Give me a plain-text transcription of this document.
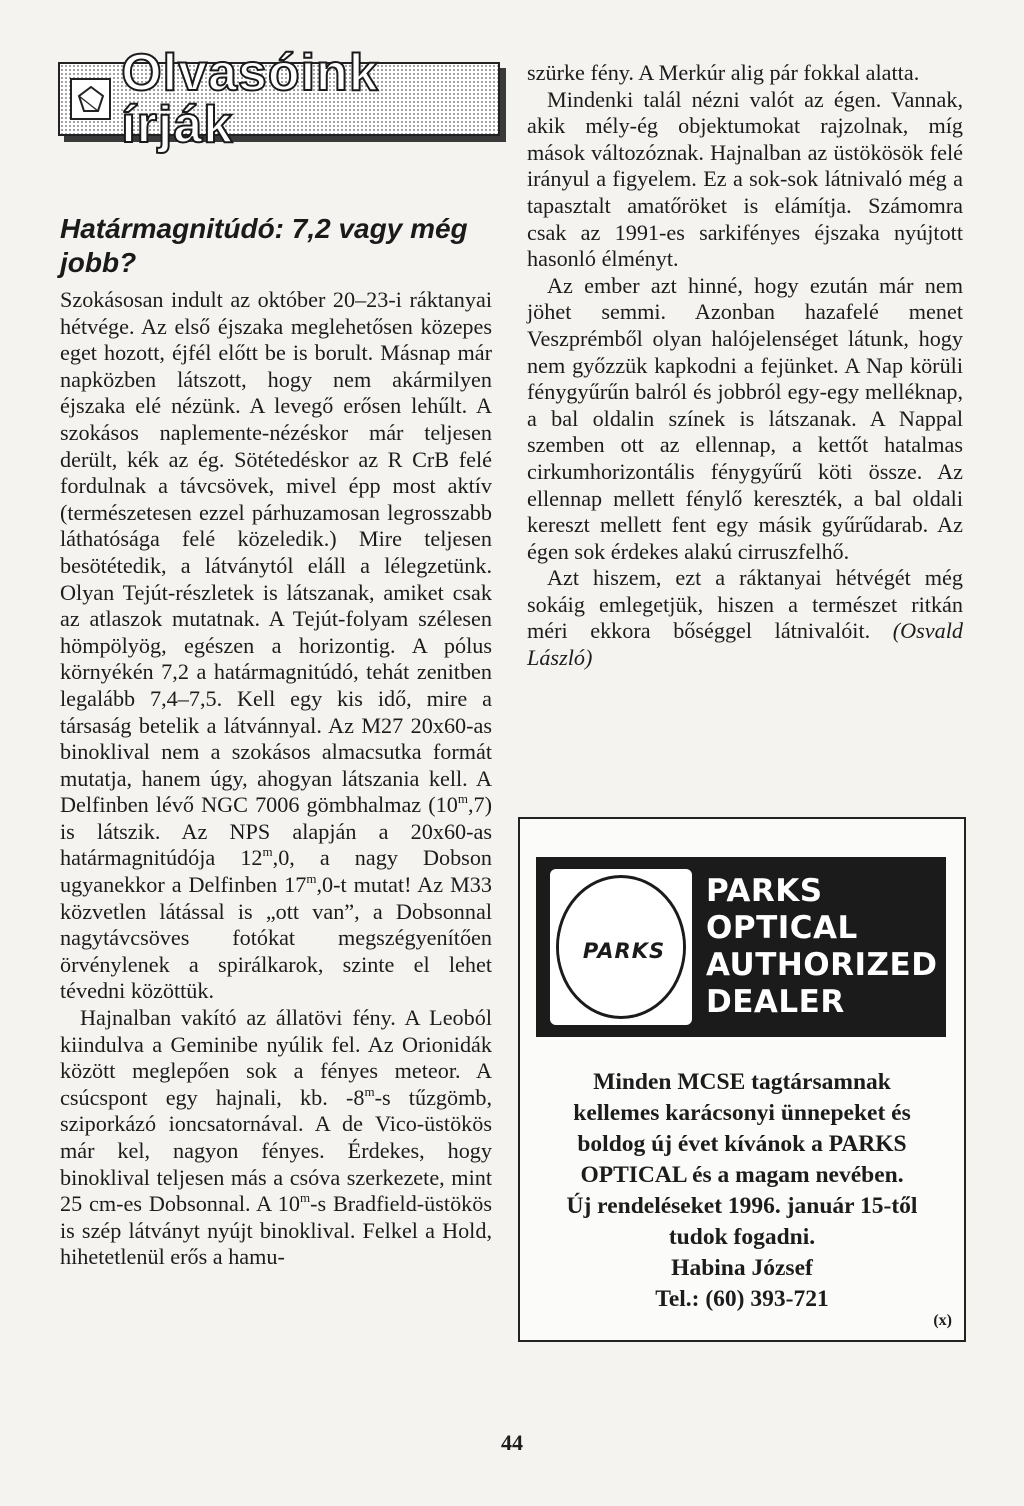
Olvasóink írják
Határmagnitúdó: 7,2 vagy még jobb?

Szokásosan indult az október 20–23-i ráktanyai hétvége. Az első éjszaka meglehetősen közepes eget hozott, éjfél előtt be is borult. Másnap már napközben látszott, hogy nem akármilyen éjszaka elé nézünk. A levegő erősen lehűlt. A szokásos naplemente-nézéskor már teljesen derült, kék az ég. Sötétedéskor az R CrB felé fordulnak a távcsövek, mivel épp most aktív (természetesen ezzel párhuzamosan legrosszabb láthatósága felé közeledik.) Mire teljesen besötétedik, a látványtól eláll a lélegzetünk. Olyan Tejút-részletek is látszanak, amiket csak az atlaszok mutatnak. A Tejút-folyam szélesen hömpölyög, egészen a horizontig. A pólus környékén 7,2 a határmagnitúdó, tehát zenitben legalább 7,4–7,5. Kell egy kis idő, mire a társaság betelik a látvánnyal. Az M27 20x60-as binoklival nem a szokásos almacsutka formát mutatja, hanem úgy, ahogyan látszania kell. A Delfinben lévő NGC 7006 gömbhalmaz (10$^m$,7) is látszik. Az NPS alapján a 20x60-as határmagnitúdója 12$^m$,0, a nagy Dobson ugyanekkor a Delfinben 17$^m$,0-t mutat! Az M33 közvetlen látással is „ott van”, a Dobsonnal nagytávcsöves fotókat megszégyenítően örvénylenek a spirálkarok, szinte el lehet tévedni közöttük.

Hajnalban vakító az állatövi fény. A Leoból kiindulva a Geminibe nyúlik fel. Az Orionidák között meglepően sok a fényes meteor. A csúcspont egy hajnali, kb. -8$^m$-s tűzgömb, sziporkázó ioncsatornával. A de Vico-üstökös már kel, nagyon fényes. Érdekes, hogy binoklival teljesen más a csóva szerkezete, mint 25 cm-es Dobsonnal. A 10$^m$-s Bradfield-üstökös is szép látványt nyújt binoklival. Felkel a Hold, hihetetlenül erős a hamu-

szürke fény. A Merkúr alig pár fokkal alatta.

Mindenki talál nézni valót az égen. Vannak, akik mély-ég objektumokat rajzolnak, míg mások változóznak. Hajnalban az üstökösök felé irányul a figyelem. Ez a sok-sok látnivaló még a tapasztalt amatőröket is elámítja. Számomra csak az 1991-es sarkifényes éjszaka nyújtott hasonló élményt.

Az ember azt hinné, hogy ezután már nem jöhet semmi. Azonban hazafelé menet Veszprémből olyan halójelenséget látunk, hogy nem győzzük kapkodni a fejünket. A Nap körüli fénygyűrűn balról és jobbról egy-egy melléknap, a bal oldalin színek is látszanak. A Nappal szemben ott az ellennap, a kettőt hatalmas cirkumhorizontális fénygyűrű köti össze. Az ellennap mellett fénylő kereszték, a bal oldali kereszt mellett fent egy másik gyűrűdarab. Az égen sok érdekes alakú cirruszfelhő.

Azt hiszem, ezt a ráktanyai hétvégét még sokáig emlegetjük, hiszen a természet ritkán méri ekkora bőséggel látnivalóit. (Osvald László)

PARKS
PARKS
OPTICAL
AUTHORIZED
DEALER
Minden MCSE tagtársamnak
kellemes karácsonyi ünnepeket és
boldog új évet kívánok a PARKS
OPTICAL és a magam nevében.
Új rendeléseket 1996. január 15-től
tudok fogadni.
Habina József
Tel.: (60) 393-721
(x)
44
